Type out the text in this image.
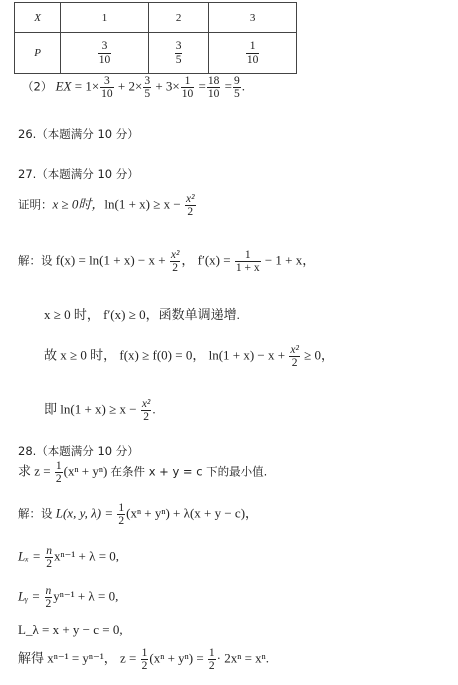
X	1	2	3
P	$\frac{3}{10}$	$\frac{3}{5}$	$\frac{1}{10}$
（2） EX = $1\times \frac{3}{10} + 2\times \frac{3}{5} + 3\times \frac{1}{10} = \frac{18}{10} = \frac{9}{5}$ .
26.（本题满分 10 分）
27.（本题满分 10 分）
证明：x ≥ 0时，$\ln(1 + x) \ge x - \frac{\text{x²}}{2}$
解：设 $f(x) = \ln(1 + x) - x + \frac{\text{x²}}{2}$ ， $f'(x) = \frac{1}{1 + x} - 1 + x$，
x ≥ 0 时， f′(x) ≥ 0，函数单调递增.
故 x ≥ 0 时， f(x) ≥ f(0) = 0， $\ln(1 + x) - x + \frac{\text{x²}}{2} \ge 0$，
即 $\ln(1 + x) \ge x - \frac{\text{x²}}{2}$ .
28.（本题满分 10 分）
求 $z = \frac{1}{2} (x^n + y^n)$ 在条件 x + y = c 下的最小值.
解：设 L(x, y, $\lambda) = \frac{1}{2} (x^n + y^n) + \lambda(x + y - c)$，
$L_x = \frac{n}{2} x^{n-1} + \lambda = 0$,
Lᵧ = $\frac{n}{2} y^{n-1} + \lambda = 0$,
L_λ = x + y − c = 0,
解得 xⁿ⁻¹ = yⁿ⁻¹， $z = \frac{1}{2} (x^n + y^n) = \frac{1}{2} \cdot 2x^n = x^n$.
